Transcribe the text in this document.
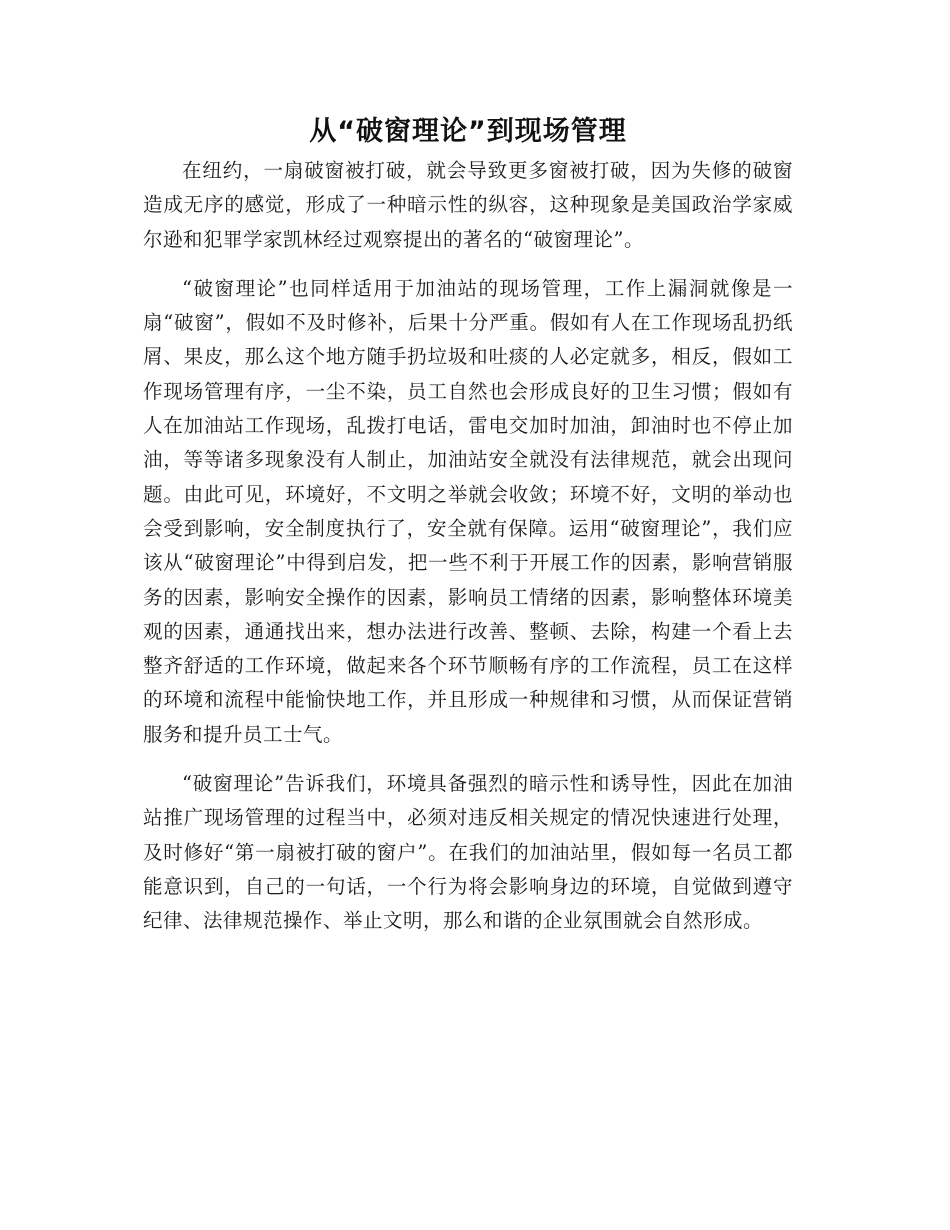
从“破窗理论”到现场管理

在纽约，一扇破窗被打破，就会导致更多窗被打破，因为失修的破窗造成无序的感觉，形成了一种暗示性的纵容，这种现象是美国政治学家威尔逊和犯罪学家凯林经过观察提出的著名的“破窗理论”。

“破窗理论”也同样适用于加油站的现场管理，工作上漏洞就像是一扇“破窗”，假如不及时修补，后果十分严重。假如有人在工作现场乱扔纸屑、果皮，那么这个地方随手扔垃圾和吐痰的人必定就多，相反，假如工作现场管理有序，一尘不染，员工自然也会形成良好的卫生习惯；假如有人在加油站工作现场，乱拨打电话，雷电交加时加油，卸油时也不停止加油，等等诸多现象没有人制止，加油站安全就没有法律规范，就会出现问题。由此可见，环境好，不文明之举就会收敛；环境不好，文明的举动也会受到影响，安全制度执行了，安全就有保障。运用“破窗理论”，我们应该从“破窗理论”中得到启发，把一些不利于开展工作的因素，影响营销服务的因素，影响安全操作的因素，影响员工情绪的因素，影响整体环境美观的因素，通通找出来，想办法进行改善、整顿、去除，构建一个看上去整齐舒适的工作环境，做起来各个环节顺畅有序的工作流程，员工在这样的环境和流程中能愉快地工作，并且形成一种规律和习惯，从而保证营销服务和提升员工士气。

“破窗理论”告诉我们，环境具备强烈的暗示性和诱导性，因此在加油站推广现场管理的过程当中，必须对违反相关规定的情况快速进行处理，及时修好“第一扇被打破的窗户”。在我们的加油站里，假如每一名员工都能意识到，自己的一句话，一个行为将会影响身边的环境，自觉做到遵守纪律、法律规范操作、举止文明，那么和谐的企业氛围就会自然形成。
